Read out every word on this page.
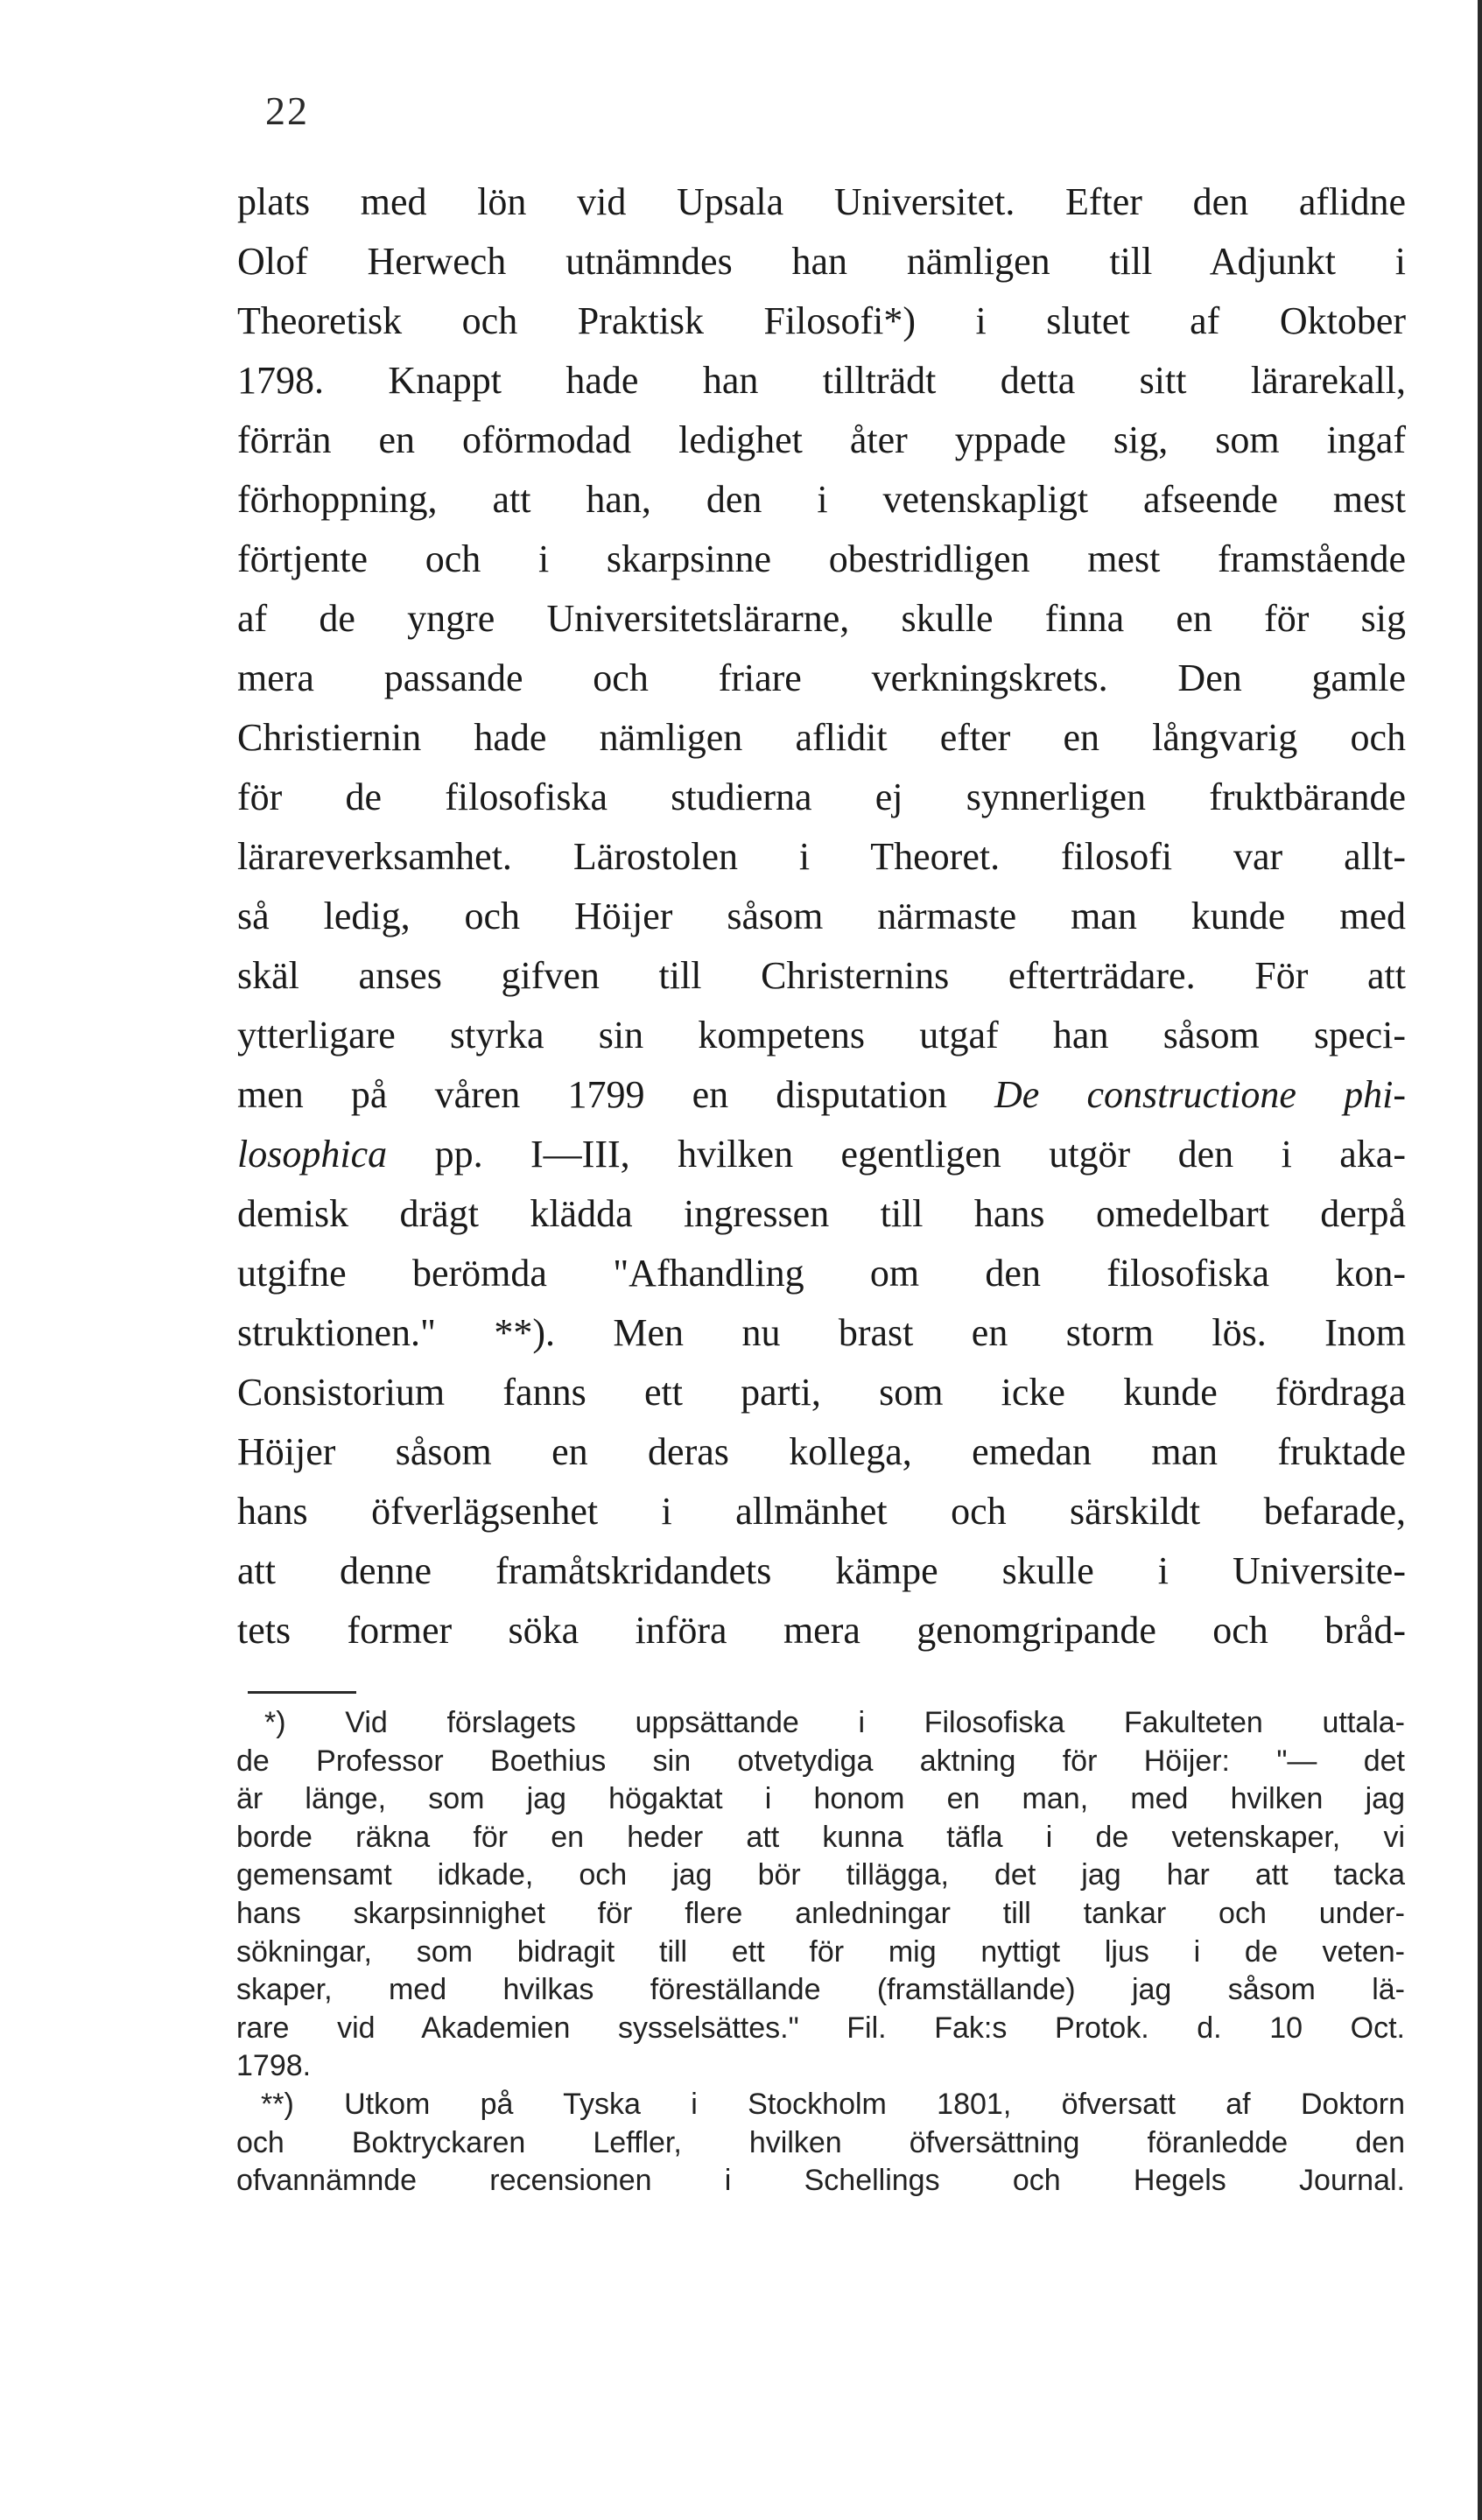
22
plats med lön vid Upsala Universitet. Efter den aflidne
Olof Herwech utnämndes han nämligen till Adjunkt i
Theoretisk och Praktisk Filosofi*) i slutet af Oktober
1798. Knappt hade han tillträdt detta sitt lärarekall,
förrän en oförmodad ledighet åter yppade sig, som ingaf
förhoppning, att han, den i vetenskapligt afseende mest
förtjente och i skarpsinne obestridligen mest framstående
af de yngre Universitetslärarne, skulle finna en för sig
mera passande och friare verkningskrets. Den gamle
Christiernin hade nämligen aflidit efter en långvarig och
för de filosofiska studierna ej synnerligen fruktbärande
lärareverksamhet. Lärostolen i Theoret. filosofi var allt-
så ledig, och Höijer såsom närmaste man kunde med
skäl anses gifven till Christernins efterträdare. För att
ytterligare styrka sin kompetens utgaf han såsom speci-
men på våren 1799 en disputation De constructione phi-
losophica pp. I—III, hvilken egentligen utgör den i aka-
demisk drägt klädda ingressen till hans omedelbart derpå
utgifne berömda "Afhandling om den filosofiska kon-
struktionen." **). Men nu brast en storm lös. Inom
Consistorium fanns ett parti, som icke kunde fördraga
Höijer såsom en deras kollega, emedan man fruktade
hans öfverlägsenhet i allmänhet och särskildt befarade,
att denne framåtskridandets kämpe skulle i Universite-
tets former söka införa mera genomgripande och bråd-
*) Vid förslagets uppsättande i Filosofiska Fakulteten uttala-
de Professor Boethius sin otvetydiga aktning för Höijer: "— det
är länge, som jag högaktat i honom en man, med hvilken jag
borde räkna för en heder att kunna täfla i de vetenskaper, vi
gemensamt idkade, och jag bör tillägga, det jag har att tacka
hans skarpsinnighet för flere anledningar till tankar och under-
sökningar, som bidragit till ett för mig nyttigt ljus i de veten-
skaper, med hvilkas föreställande (framställande) jag såsom lä-
rare vid Akademien sysselsättes." Fil. Fak:s Protok. d. 10 Oct.
1798.
**) Utkom på Tyska i Stockholm 1801, öfversatt af Doktorn
och Boktryckaren Leffler, hvilken öfversättning föranledde den
ofvannämnde recensionen i Schellings och Hegels Journal.
